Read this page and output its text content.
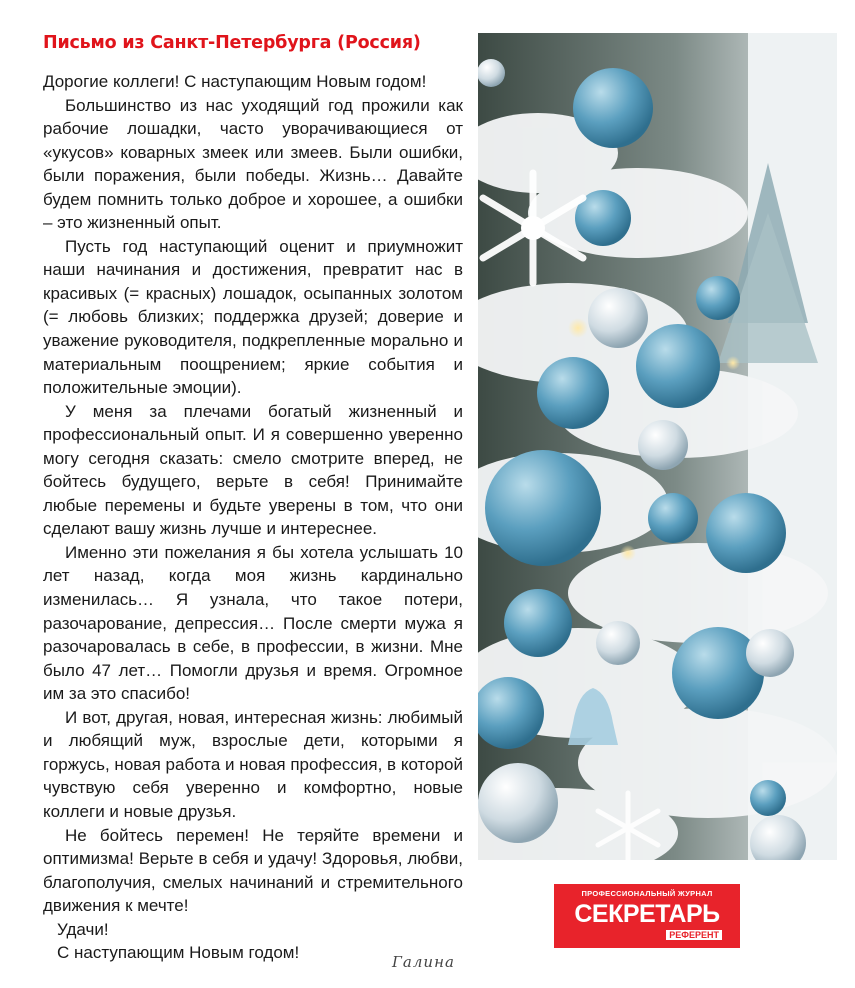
Письмо из Санкт-Петербурга (Россия)

Дорогие коллеги! С наступающим Новым годом!

Большинство из нас уходящий год прожили как рабочие лошадки, часто уворачивающиеся от «укусов» коварных змеек или змеев. Были ошибки, были поражения, были победы. Жизнь… Давайте будем помнить только доброе и хорошее, а ошибки – это жизненный опыт.

Пусть год наступающий оценит и приумножит наши начинания и достижения, превратит нас в красивых (= красных) лошадок, осыпанных золотом (= любовь близких; поддержка друзей; доверие и уважение руководителя, подкрепленные морально и материальным поощрением; яркие события и положительные эмоции).

У меня за плечами богатый жизненный и профессиональный опыт. И я совершенно уверенно могу сегодня сказать: смело смотрите вперед, не бойтесь будущего, верьте в себя! Принимайте любые перемены и будьте уверены в том, что они сделают вашу жизнь лучше и интереснее.

Именно эти пожелания я бы хотела услышать 10 лет назад, когда моя жизнь кардинально изменилась… Я узнала, что такое потери, разочарование, депрессия… После смерти мужа я разочаровалась в себе, в профессии, в жизни. Мне было 47 лет… Помогли друзья и время. Огромное им за это спасибо!

И вот, другая, новая, интересная жизнь: любимый и любящий муж, взрослые дети, которыми я горжусь, новая работа и новая профессия, в которой чувствую себя уверенно и комфортно, новые коллеги и новые друзья.

Не бойтесь перемен! Не теряйте времени и оптимизма! Верьте в себя и удачу! Здоровья, любви, благополучия, смелых начинаний и стремительного движения к мечте!

Удачи!

С наступающим Новым годом!	Галина
ПРОФЕССИОНАЛЬНЫЙ ЖУРНАЛ
СЕКРЕТАРЬ
РЕФЕРЕНТ
